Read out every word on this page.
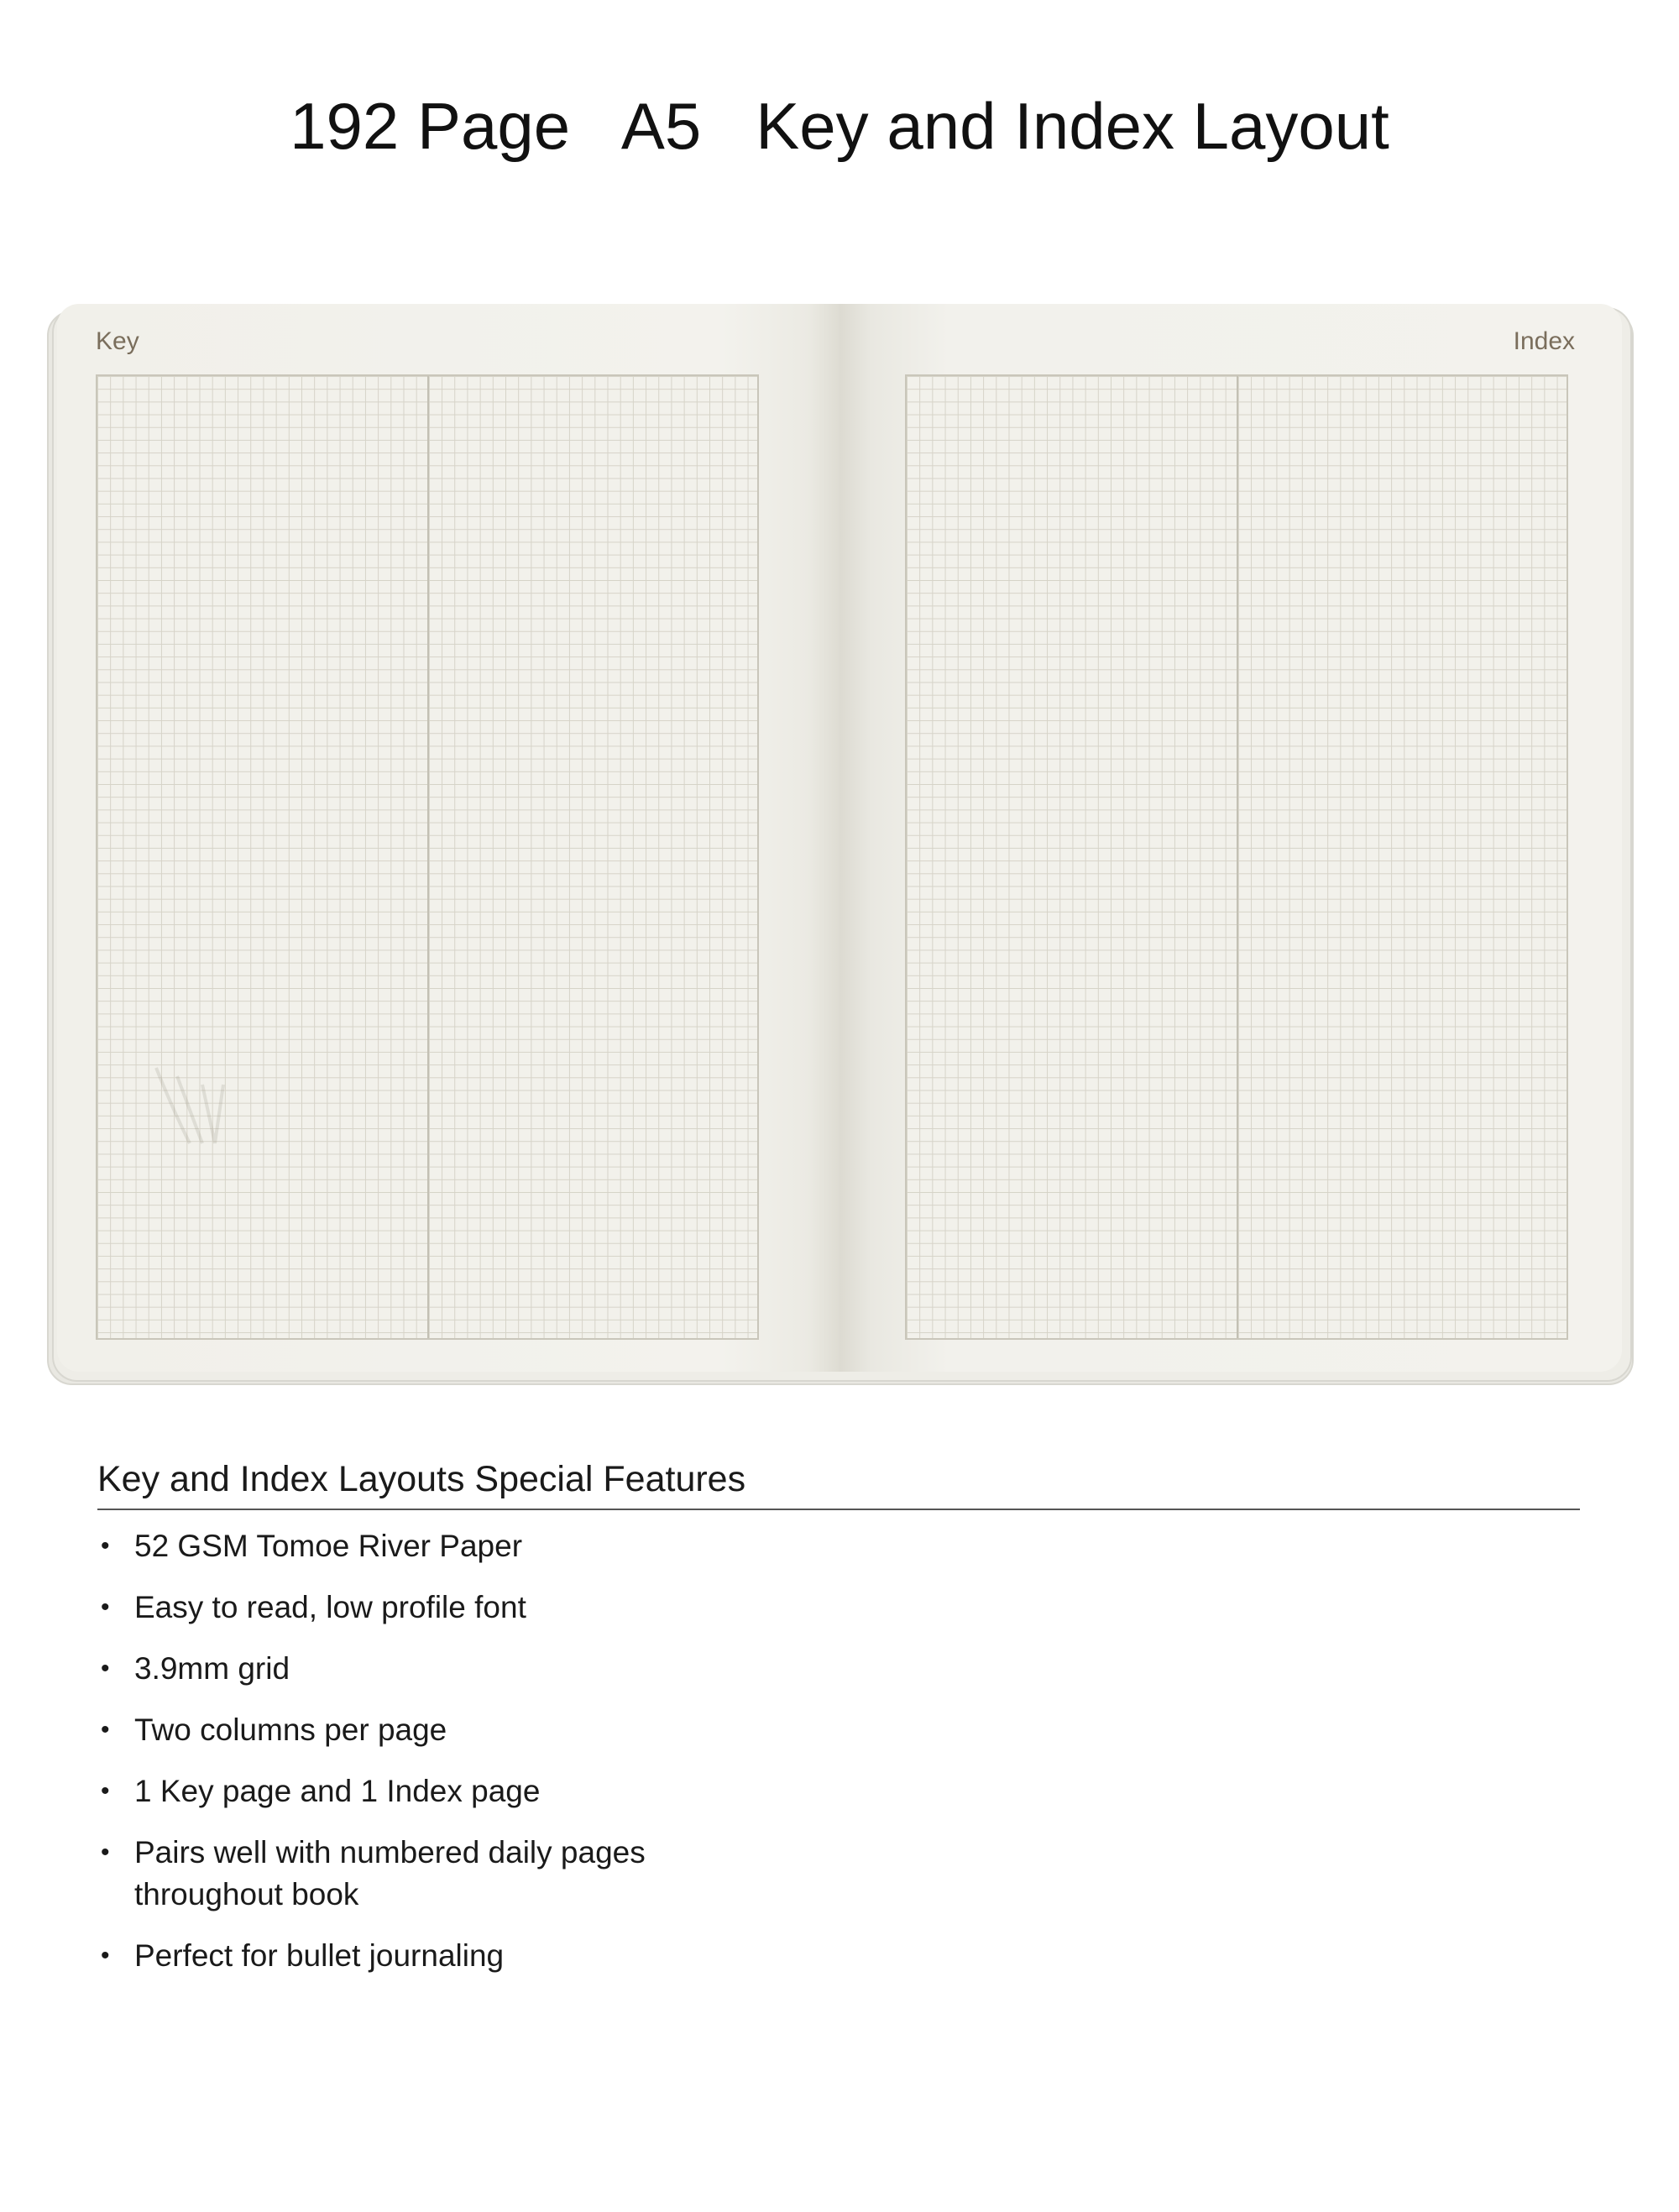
192 Page   A5   Key and Index Layout
Key	Index
Key and Index Layouts Special Features
• 52 GSM Tomoe River Paper
• Easy to read, low profile font
• 3.9mm grid
• Two columns per page
• 1 Key page and 1 Index page
• Pairs well with numbered daily pages throughout book
• Perfect for bullet journaling
